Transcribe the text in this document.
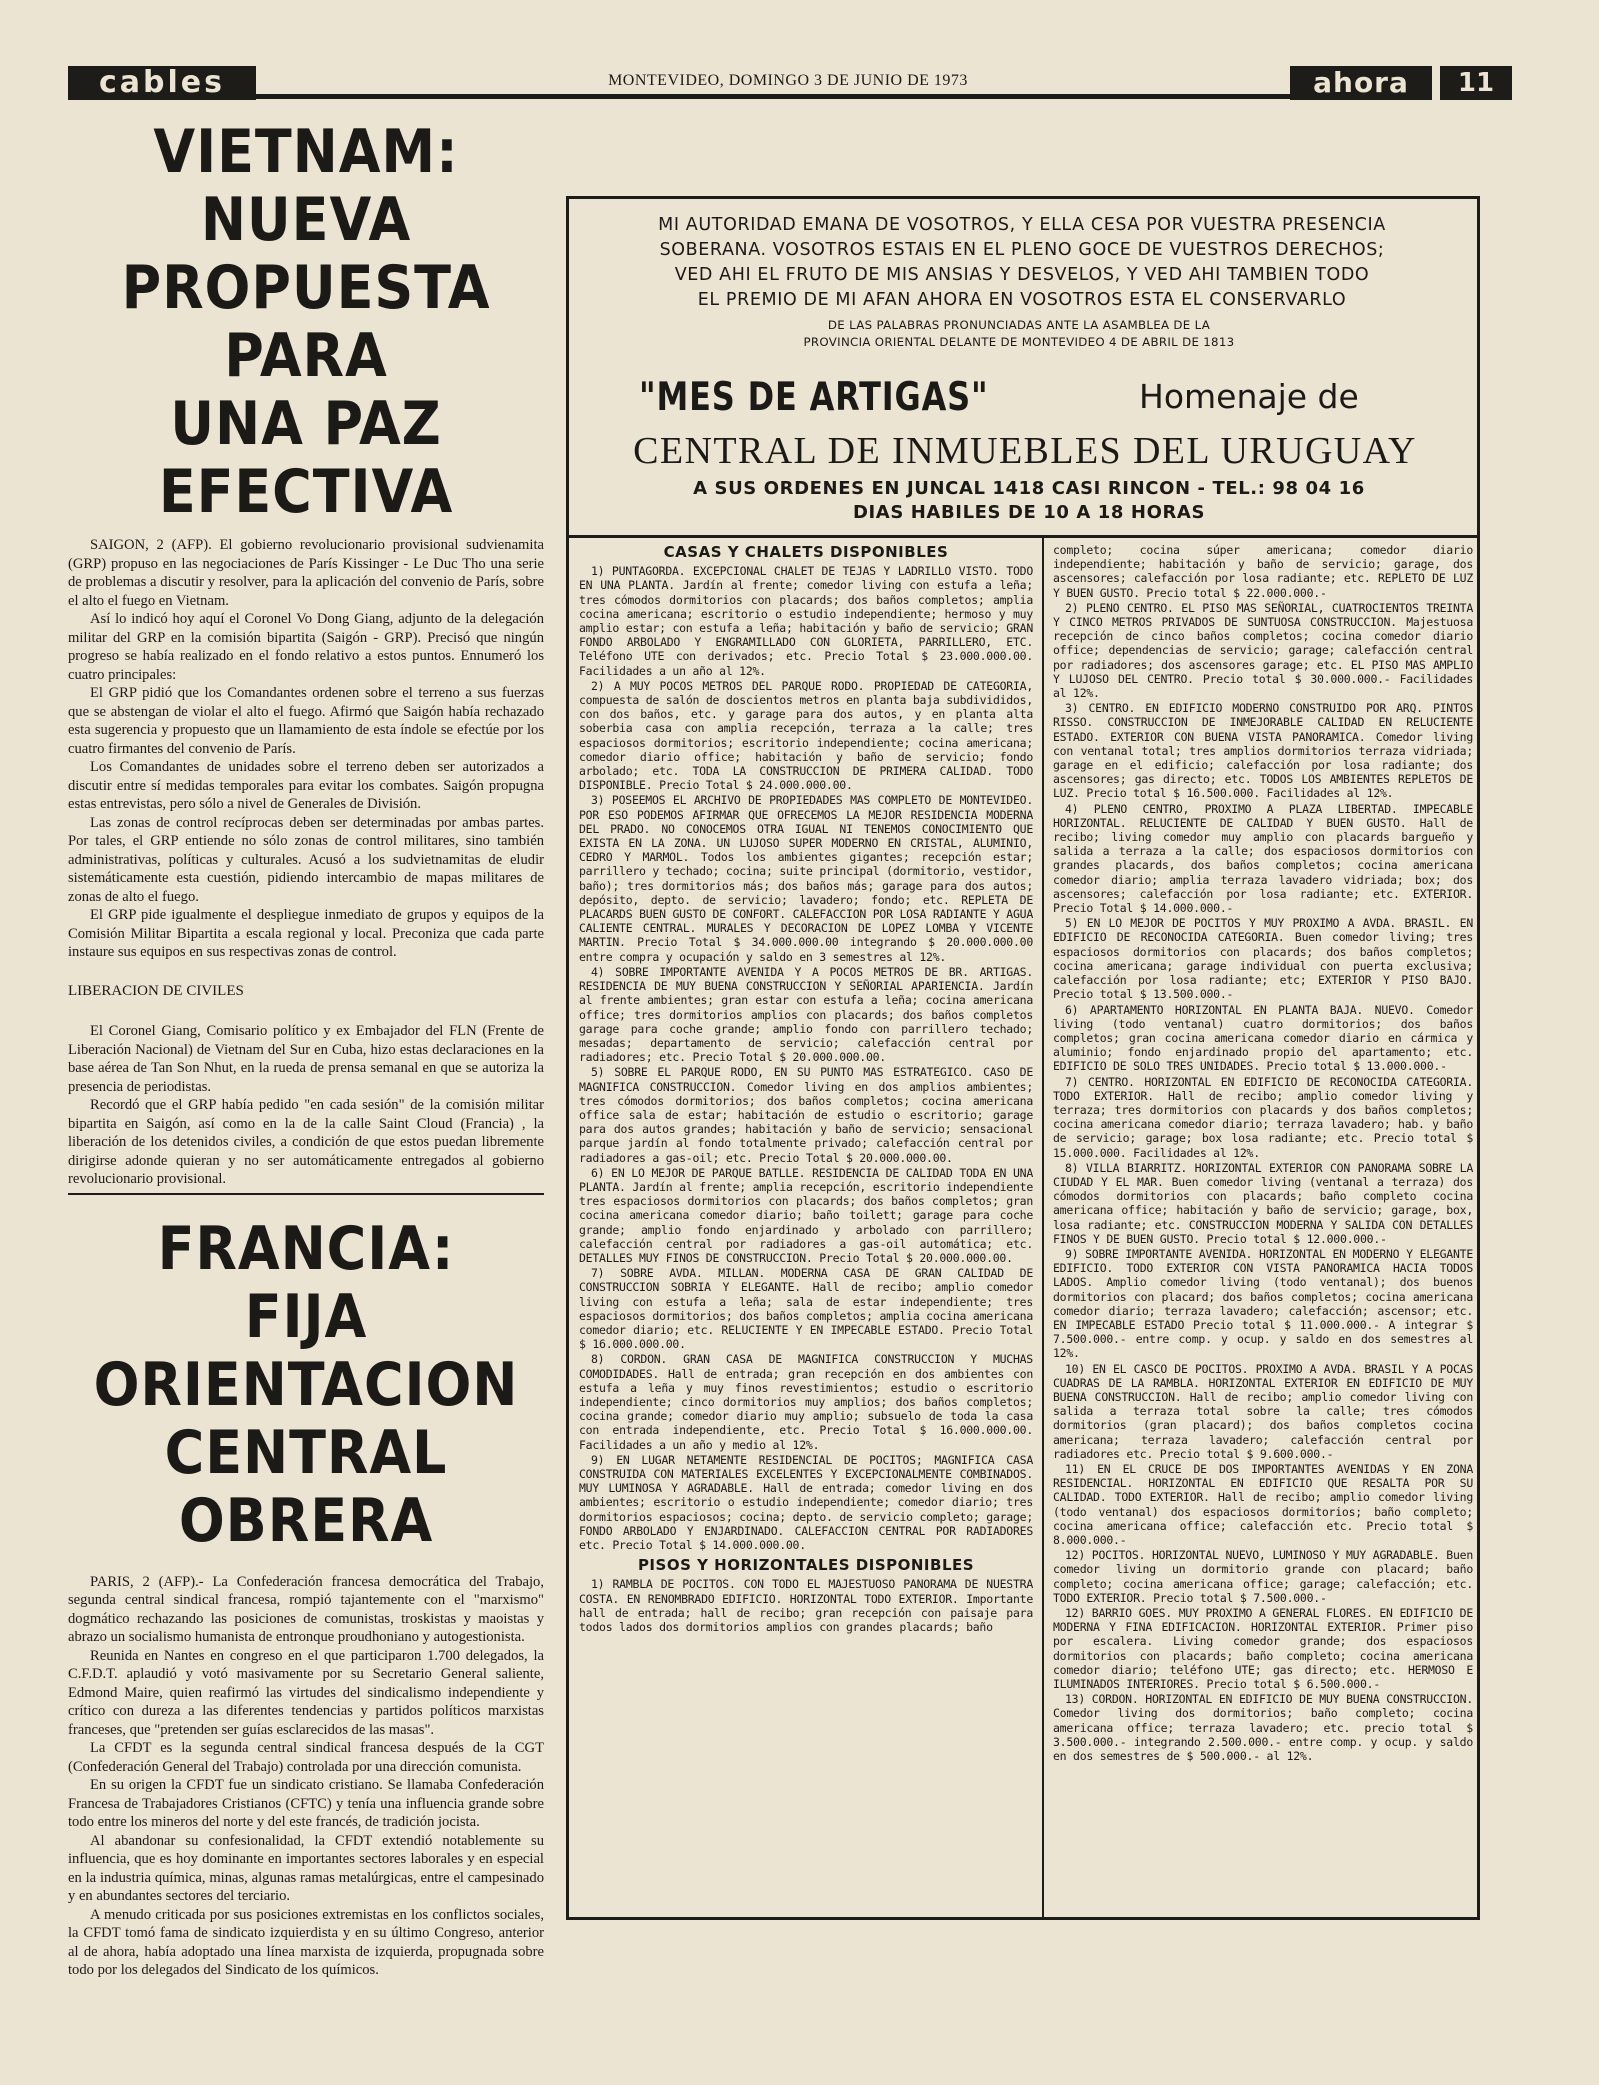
cables	MONTEVIDEO, DOMINGO 3 DE JUNIO DE 1973	ahora	11
VIETNAM: NUEVA
PROPUESTA PARA
UNA PAZ EFECTIVA

SAIGON, 2 (AFP). El gobierno revolucionario provisional sudvienamita (GRP) propuso en las negociaciones de París Kissinger - Le Duc Tho una serie de problemas a discutir y resolver, para la aplicación del convenio de París, sobre el alto el fuego en Vietnam.

Así lo indicó hoy aquí el Coronel Vo Dong Giang, adjunto de la delegación militar del GRP en la comisión bipartita (Saigón - GRP). Precisó que ningún progreso se había realizado en el fondo relativo a estos puntos. Ennumeró los cuatro principales:

El GRP pidió que los Comandantes ordenen sobre el terreno a sus fuerzas que se abstengan de violar el alto el fuego. Afirmó que Saigón había rechazado esta sugerencia y propuesto que un llamamiento de esta índole se efectúe por los cuatro firmantes del convenio de París.

Los Comandantes de unidades sobre el terreno deben ser autorizados a discutir entre sí medidas temporales para evitar los combates. Saigón propugna estas entrevistas, pero sólo a nivel de Generales de División.

Las zonas de control recíprocas deben ser determinadas por ambas partes. Por tales, el GRP entiende no sólo zonas de control militares, sino también administrativas, políticas y culturales. Acusó a los sudvietnamitas de eludir sistemáticamente esta cuestión, pidiendo intercambio de mapas militares de zonas de alto el fuego.

El GRP pide igualmente el despliegue inmediato de grupos y equipos de la Comisión Militar Bipartita a escala regional y local. Preconiza que cada parte instaure sus equipos en sus respectivas zonas de control.

LIBERACION DE CIVILES

El Coronel Giang, Comisario político y ex Embajador del FLN (Frente de Liberación Nacional) de Vietnam del Sur en Cuba, hizo estas declaraciones en la base aérea de Tan Son Nhut, en la rueda de prensa semanal en que se autoriza la presencia de periodistas.

Recordó que el GRP había pedido "en cada sesión" de la comisión militar bipartita en Saigón, así como en la de la calle Saint Cloud (Francia) , la liberación de los detenidos civiles, a condición de que estos puedan libremente dirigirse adonde quieran y no ser automáticamente entregados al gobierno revolucionario provisional.

FRANCIA: FIJA
ORIENTACION
CENTRAL OBRERA

PARIS, 2 (AFP).- La Confederación francesa democrática del Trabajo, segunda central sindical francesa, rompió tajantemente con el "marxismo" dogmático rechazando las posiciones de comunistas, troskistas y maoistas y abrazo un socialismo humanista de entronque proudhoniano y autogestionista.

Reunida en Nantes en congreso en el que participaron 1.700 delegados, la C.F.D.T. aplaudió y votó masivamente por su Secretario General saliente, Edmond Maire, quien reafirmó las virtudes del sindicalismo independiente y crítico con dureza a las diferentes tendencias y partidos políticos marxistas franceses, que "pretenden ser guías esclarecidos de las masas".

La CFDT es la segunda central sindical francesa después de la CGT (Confederación General del Trabajo) controlada por una dirección comunista.

En su origen la CFDT fue un sindicato cristiano. Se llamaba Confederación Francesa de Trabajadores Cristianos (CFTC) y tenía una influencia grande sobre todo entre los mineros del norte y del este francés, de tradición jocista.

Al abandonar su confesionalidad, la CFDT extendió notablemente su influencia, que es hoy dominante en importantes sectores laborales y en especial en la industria química, minas, algunas ramas metalúrgicas, entre el campesinado y en abundantes sectores del terciario.

A menudo criticada por sus posiciones extremistas en los conflictos sociales, la CFDT tomó fama de sindicato izquierdista y en su último Congreso, anterior al de ahora, había adoptado una línea marxista de izquierda, propugnada sobre todo por los delegados del Sindicato de los químicos.

MI AUTORIDAD EMANA DE VOSOTROS, Y ELLA CESA POR VUESTRA PRESENCIA
SOBERANA. VOSOTROS ESTAIS EN EL PLENO GOCE DE VUESTROS DERECHOS;
VED AHI EL FRUTO DE MIS ANSIAS Y DESVELOS, Y VED AHI TAMBIEN TODO
EL PREMIO DE MI AFAN AHORA EN VOSOTROS ESTA EL CONSERVARLO
DE LAS PALABRAS PRONUNCIADAS ANTE LA ASAMBLEA DE LA
PROVINCIA ORIENTAL DELANTE DE MONTEVIDEO 4 DE ABRIL DE 1813
"MES DE ARTIGAS"	Homenaje de
CENTRAL DE INMUEBLES DEL URUGUAY
A SUS ORDENES EN JUNCAL 1418 CASI RINCON - TEL.: 98 04 16
DIAS HABILES DE 10 A 18 HORAS
CASAS Y CHALETS DISPONIBLES

1) PUNTAGORDA. EXCEPCIONAL CHALET DE TEJAS Y LADRILLO VISTO. TODO EN UNA PLANTA. Jardín al frente; comedor living con estufa a leña; tres cómodos dormitorios con placards; dos baños completos; amplia cocina americana; escritorio o estudio independiente; hermoso y muy amplio estar; con estufa a leña; habitación y baño de servicio; GRAN FONDO ARBOLADO Y ENGRAMILLADO CON GLORIETA, PARRILLERO, ETC. Teléfono UTE con derivados; etc. Precio Total $ 23.000.000.00. Facilidades a un año al 12%.

2) A MUY POCOS METROS DEL PARQUE RODO. PROPIEDAD DE CATEGORIA, compuesta de salón de doscientos metros en planta baja subdivididos, con dos baños, etc. y garage para dos autos, y en planta alta soberbia casa con amplia recepción, terraza a la calle; tres espaciosos dormitorios; escritorio independiente; cocina americana; comedor diario office; habitación y baño de servicio; fondo arbolado; etc. TODA LA CONSTRUCCION DE PRIMERA CALIDAD. TODO DISPONIBLE. Precio Total $ 24.000.000.00.

3) POSEEMOS EL ARCHIVO DE PROPIEDADES MAS COMPLETO DE MONTEVIDEO. POR ESO PODEMOS AFIRMAR QUE OFRECEMOS LA MEJOR RESIDENCIA MODERNA DEL PRADO. NO CONOCEMOS OTRA IGUAL NI TENEMOS CONOCIMIENTO QUE EXISTA EN LA ZONA. UN LUJOSO SUPER MODERNO EN CRISTAL, ALUMINIO, CEDRO Y MARMOL. Todos los ambientes gigantes; recepción estar; parrillero y techado; cocina; suite principal (dormitorio, vestidor, baño); tres dormitorios más; dos baños más; garage para dos autos; depósito, depto. de servicio; lavadero; fondo; etc. REPLETA DE PLACARDS BUEN GUSTO DE CONFORT. CALEFACCION POR LOSA RADIANTE Y AGUA CALIENTE CENTRAL. MURALES Y DECORACION DE LOPEZ LOMBA Y VICENTE MARTIN. Precio Total $ 34.000.000.00 integrando $ 20.000.000.00 entre compra y ocupación y saldo en 3 semestres al 12%.

4) SOBRE IMPORTANTE AVENIDA Y A POCOS METROS DE BR. ARTIGAS. RESIDENCIA DE MUY BUENA CONSTRUCCION Y SEÑORIAL APARIENCIA. Jardín al frente ambientes; gran estar con estufa a leña; cocina americana office; tres dormitorios amplios con placards; dos baños completos garage para coche grande; amplio fondo con parrillero techado; mesadas; departamento de servicio; calefacción central por radiadores; etc. Precio Total $ 20.000.000.00.

5) SOBRE EL PARQUE RODO, EN SU PUNTO MAS ESTRATEGICO. CASO DE MAGNIFICA CONSTRUCCION. Comedor living en dos amplios ambientes; tres cómodos dormitorios; dos baños completos; cocina americana office sala de estar; habitación de estudio o escritorio; garage para dos autos grandes; habitación y baño de servicio; sensacional parque jardín al fondo totalmente privado; calefacción central por radiadores a gas-oil; etc. Precio Total $ 20.000.000.00.

6) EN LO MEJOR DE PARQUE BATLLE. RESIDENCIA DE CALIDAD TODA EN UNA PLANTA. Jardín al frente; amplia recepción, escritorio independiente tres espaciosos dormitorios con placards; dos baños completos; gran cocina americana comedor diario; baño toilett; garage para coche grande; amplio fondo enjardinado y arbolado con parrillero; calefacción central por radiadores a gas-oil automática; etc. DETALLES MUY FINOS DE CONSTRUCCION. Precio Total $ 20.000.000.00.

7) SOBRE AVDA. MILLAN. MODERNA CASA DE GRAN CALIDAD DE CONSTRUCCION SOBRIA Y ELEGANTE. Hall de recibo; amplio comedor living con estufa a leña; sala de estar independiente; tres espaciosos dormitorios; dos baños completos; amplia cocina americana comedor diario; etc. RELUCIENTE Y EN IMPECABLE ESTADO. Precio Total $ 16.000.000.00.

8) CORDON. GRAN CASA DE MAGNIFICA CONSTRUCCION Y MUCHAS COMODIDADES. Hall de entrada; gran recepción en dos ambientes con estufa a leña y muy finos revestimientos; estudio o escritorio independiente; cinco dormitorios muy amplios; dos baños completos; cocina grande; comedor diario muy amplio; subsuelo de toda la casa con entrada independiente, etc. Precio Total $ 16.000.000.00. Facilidades a un año y medio al 12%.

9) EN LUGAR NETAMENTE RESIDENCIAL DE POCITOS; MAGNIFICA CASA CONSTRUIDA CON MATERIALES EXCELENTES Y EXCEPCIONALMENTE COMBINADOS. MUY LUMINOSA Y AGRADABLE. Hall de entrada; comedor living en dos ambientes; escritorio o estudio independiente; comedor diario; tres dormitorios espaciosos; cocina; depto. de servicio completo; garage; FONDO ARBOLADO Y ENJARDINADO. CALEFACCION CENTRAL POR RADIADORES etc. Precio Total $ 14.000.000.00.

PISOS Y HORIZONTALES DISPONIBLES

1) RAMBLA DE POCITOS. CON TODO EL MAJESTUOSO PANORAMA DE NUESTRA COSTA. EN RENOMBRADO EDIFICIO. HORIZONTAL TODO EXTERIOR. Importante hall de entrada; hall de recibo; gran recepción con paisaje para todos lados dos dormitorios amplios con grandes placards; baño

completo; cocina súper americana; comedor diario independiente; habitación y baño de servicio; garage, dos ascensores; calefacción por losa radiante; etc. REPLETO DE LUZ Y BUEN GUSTO. Precio total $ 22.000.000.-

2) PLENO CENTRO. EL PISO MAS SEÑORIAL, CUATROCIENTOS TREINTA Y CINCO METROS PRIVADOS DE SUNTUOSA CONSTRUCCION. Majestuosa recepción de cinco baños completos; cocina comedor diario office; dependencias de servicio; garage; calefacción central por radiadores; dos ascensores garage; etc. EL PISO MAS AMPLIO Y LUJOSO DEL CENTRO. Precio total $ 30.000.000.- Facilidades al 12%.

3) CENTRO. EN EDIFICIO MODERNO CONSTRUIDO POR ARQ. PINTOS RISSO. CONSTRUCCION DE INMEJORABLE CALIDAD EN RELUCIENTE ESTADO. EXTERIOR CON BUENA VISTA PANORAMICA. Comedor living con ventanal total; tres amplios dormitorios terraza vidriada; garage en el edificio; calefacción por losa radiante; dos ascensores; gas directo; etc. TODOS LOS AMBIENTES REPLETOS DE LUZ. Precio total $ 16.500.000. Facilidades al 12%.

4) PLENO CENTRO, PROXIMO A PLAZA LIBERTAD. IMPECABLE HORIZONTAL. RELUCIENTE DE CALIDAD Y BUEN GUSTO. Hall de recibo; living comedor muy amplio con placards bargueño y salida a terraza a la calle; dos espaciosos dormitorios con grandes placards, dos baños completos; cocina americana comedor diario; amplia terraza lavadero vidriada; box; dos ascensores; calefacción por losa radiante; etc. EXTERIOR. Precio Total $ 14.000.000.-

5) EN LO MEJOR DE POCITOS Y MUY PROXIMO A AVDA. BRASIL. EN EDIFICIO DE RECONOCIDA CATEGORIA. Buen comedor living; tres espaciosos dormitorios con placards; dos baños completos; cocina americana; garage individual con puerta exclusiva; calefacción por losa radiante; etc; EXTERIOR Y PISO BAJO. Precio total $ 13.500.000.-

6) APARTAMENTO HORIZONTAL EN PLANTA BAJA. NUEVO. Comedor living (todo ventanal) cuatro dormitorios; dos baños completos; gran cocina americana comedor diario en cármica y aluminio; fondo enjardinado propio del apartamento; etc. EDIFICIO DE SOLO TRES UNIDADES. Precio total $ 13.000.000.-

7) CENTRO. HORIZONTAL EN EDIFICIO DE RECONOCIDA CATEGORIA. TODO EXTERIOR. Hall de recibo; amplio comedor living y terraza; tres dormitorios con placards y dos baños completos; cocina americana comedor diario; terraza lavadero; hab. y baño de servicio; garage; box losa radiante; etc. Precio total $ 15.000.000. Facilidades al 12%.

8) VILLA BIARRITZ. HORIZONTAL EXTERIOR CON PANORAMA SOBRE LA CIUDAD Y EL MAR. Buen comedor living (ventanal a terraza) dos cómodos dormitorios con placards; baño completo cocina americana office; habitación y baño de servicio; garage, box, losa radiante; etc. CONSTRUCCION MODERNA Y SALIDA CON DETALLES FINOS Y DE BUEN GUSTO. Precio total $ 12.000.000.-

9) SOBRE IMPORTANTE AVENIDA. HORIZONTAL EN MODERNO Y ELEGANTE EDIFICIO. TODO EXTERIOR CON VISTA PANORAMICA HACIA TODOS LADOS. Amplio comedor living (todo ventanal); dos buenos dormitorios con placard; dos baños completos; cocina americana comedor diario; terraza lavadero; calefacción; ascensor; etc. EN IMPECABLE ESTADO Precio total $ 11.000.000.- A integrar $ 7.500.000.- entre comp. y ocup. y saldo en dos semestres al 12%.

10) EN EL CASCO DE POCITOS. PROXIMO A AVDA. BRASIL Y A POCAS CUADRAS DE LA RAMBLA. HORIZONTAL EXTERIOR EN EDIFICIO DE MUY BUENA CONSTRUCCION. Hall de recibo; amplio comedor living con salida a terraza total sobre la calle; tres cómodos dormitorios (gran placard); dos baños completos cocina americana; terraza lavadero; calefacción central por radiadores etc. Precio total $ 9.600.000.-

11) EN EL CRUCE DE DOS IMPORTANTES AVENIDAS Y EN ZONA RESIDENCIAL. HORIZONTAL EN EDIFICIO QUE RESALTA POR SU CALIDAD. TODO EXTERIOR. Hall de recibo; amplio comedor living (todo ventanal) dos espaciosos dormitorios; baño completo; cocina americana office; calefacción etc. Precio total $ 8.000.000.-

12) POCITOS. HORIZONTAL NUEVO, LUMINOSO Y MUY AGRADABLE. Buen comedor living un dormitorio grande con placard; baño completo; cocina americana office; garage; calefacción; etc. TODO EXTERIOR. Precio total $ 7.500.000.-

12) BARRIO GOES. MUY PROXIMO A GENERAL FLORES. EN EDIFICIO DE MODERNA Y FINA EDIFICACION. HORIZONTAL EXTERIOR. Primer piso por escalera. Living comedor grande; dos espaciosos dormitorios con placards; baño completo; cocina americana comedor diario; teléfono UTE; gas directo; etc. HERMOSO E ILUMINADOS INTERIORES. Precio total $ 6.500.000.-

13) CORDON. HORIZONTAL EN EDIFICIO DE MUY BUENA CONSTRUCCION. Comedor living dos dormitorios; baño completo; cocina americana office; terraza lavadero; etc. precio total $ 3.500.000.- integrando 2.500.000.- entre comp. y ocup. y saldo en dos semestres de $ 500.000.- al 12%.
